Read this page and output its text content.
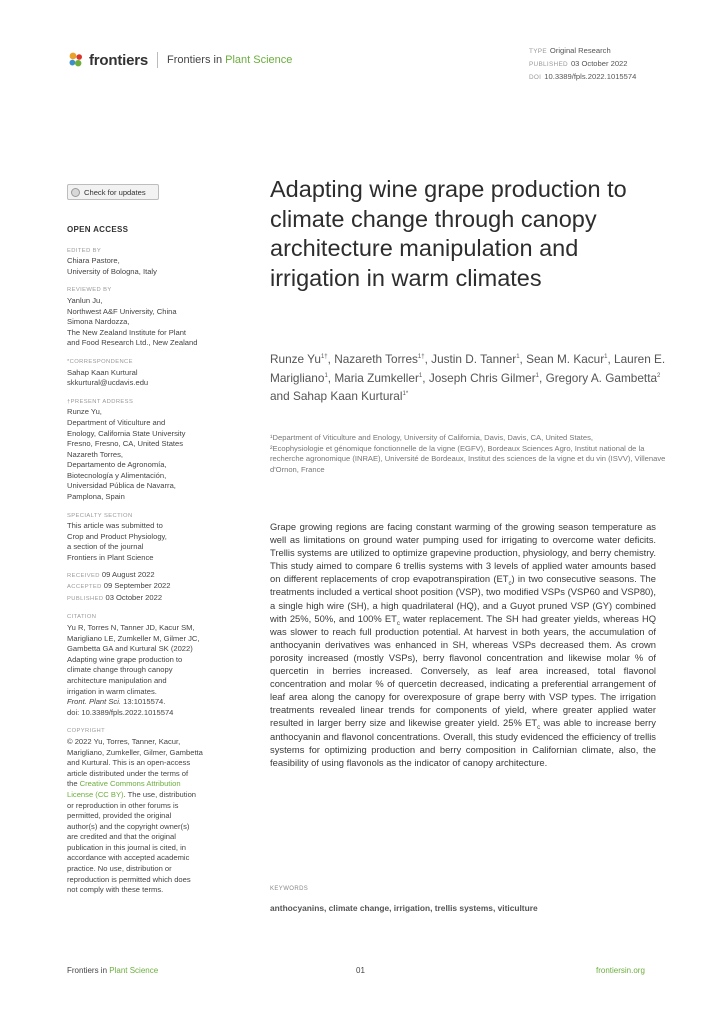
frontiers Frontiers in Plant Science
TYPE Original Research
PUBLISHED 03 October 2022
DOI 10.3389/fpls.2022.1015574
Check for updates
OPEN ACCESS
EDITED BY
Chiara Pastore,
University of Bologna, Italy
REVIEWED BY
Yanlun Ju,
Northwest A&F University, China
Simona Nardozza,
The New Zealand Institute for Plant
and Food Research Ltd., New Zealand
*CORRESPONDENCE
Sahap Kaan Kurtural
skkurtural@ucdavis.edu
†PRESENT ADDRESS
Runze Yu,
Department of Viticulture and
Enology, California State University
Fresno, Fresno, CA, United States
Nazareth Torres,
Departamento de Agronomía,
Biotecnología y Alimentación,
Universidad Pública de Navarra,
Pamplona, Spain
SPECIALTY SECTION
This article was submitted to
Crop and Product Physiology,
a section of the journal
Frontiers in Plant Science
RECEIVED 09 August 2022
ACCEPTED 09 September 2022
PUBLISHED 03 October 2022
CITATION
Yu R, Torres N, Tanner JD, Kacur SM,
Marigliano LE, Zumkeller M, Gilmer JC,
Gambetta GA and Kurtural SK (2022)
Adapting wine grape production to
climate change through canopy
architecture manipulation and
irrigation in warm climates.
Front. Plant Sci. 13:1015574.
doi: 10.3389/fpls.2022.1015574
COPYRIGHT
© 2022 Yu, Torres, Tanner, Kacur,
Marigliano, Zumkeller, Gilmer, Gambetta
and Kurtural. This is an open-access
article distributed under the terms of
the Creative Commons Attribution
License (CC BY). The use, distribution
or reproduction in other forums is
permitted, provided the original
author(s) and the copyright owner(s)
are credited and that the original
publication in this journal is cited, in
accordance with accepted academic
practice. No use, distribution or
reproduction is permitted which does
not comply with these terms.
Adapting wine grape production to climate change through canopy architecture manipulation and irrigation in warm climates
Runze $Yu^{1\dagger}$, Nazareth Torres$^{1\dagger}$, Justin D. Tanner$^1$, Sean M. Kacur$^1$, Lauren E. Marigliano$^1$, Maria Zumkeller$^1$, Joseph Chris Gilmer$^1$, Gregory A. Gambetta$^2$ and Sahap Kaan Kurtural$^{1*}$
¹Department of Viticulture and Enology, University of California, Davis, Davis, CA, United States,
²Ecophysiologie et génomique fonctionnelle de la vigne (EGFV), Bordeaux Sciences Agro, Institut national de la recherche agronomique (INRAE), Université de Bordeaux, Institut des sciences de la vigne et du vin (ISVV), Villenave d'Ornon, France
Grape growing regions are facing constant warming of the growing season temperature as well as limitations on ground water pumping used for irrigating to overcome water deficits. Trellis systems are utilized to optimize grapevine production, physiology, and berry chemistry. This study aimed to compare 6 trellis systems with 3 levels of applied water amounts based on different replacements of crop evapotranspiration $(ET_c)$ in two consecutive seasons. The treatments included a vertical shoot position (VSP), two modified VSPs (VSP60 and VSP80), a single high wire (SH), a high quadrilateral (HQ), and a Guyot pruned VSP (GY) combined with 25%, 50%, and 100% $ET_c$ water replacement. The SH had greater yields, whereas HQ was slower to reach full production potential. At harvest in both years, the accumulation of anthocyanin derivatives was enhanced in SH, whereas VSPs decreased them. As crown porosity increased (mostly VSPs), berry flavonol concentration and likewise molar % of quercetin in berries increased. Conversely, as leaf area increased, total flavonol concentration and molar % of quercetin decreased, indicating a preferential arrangement of leaf area along the canopy for overexposure of grape berry with VSP types. The irrigation treatments revealed linear trends for components of yield, where greater applied water resulted in larger berry size and likewise greater yield. 25% $ET_c$ was able to increase berry anthocyanin and flavonol concentrations. Overall, this study evidenced the efficiency of trellis systems for optimizing production and berry composition in Californian climate, also, the feasibility of using flavonols as the indicator of canopy architecture.
KEYWORDS
anthocyanins, climate change, irrigation, trellis systems, viticulture
Frontiers in Plant Science	01	frontiersin.org
